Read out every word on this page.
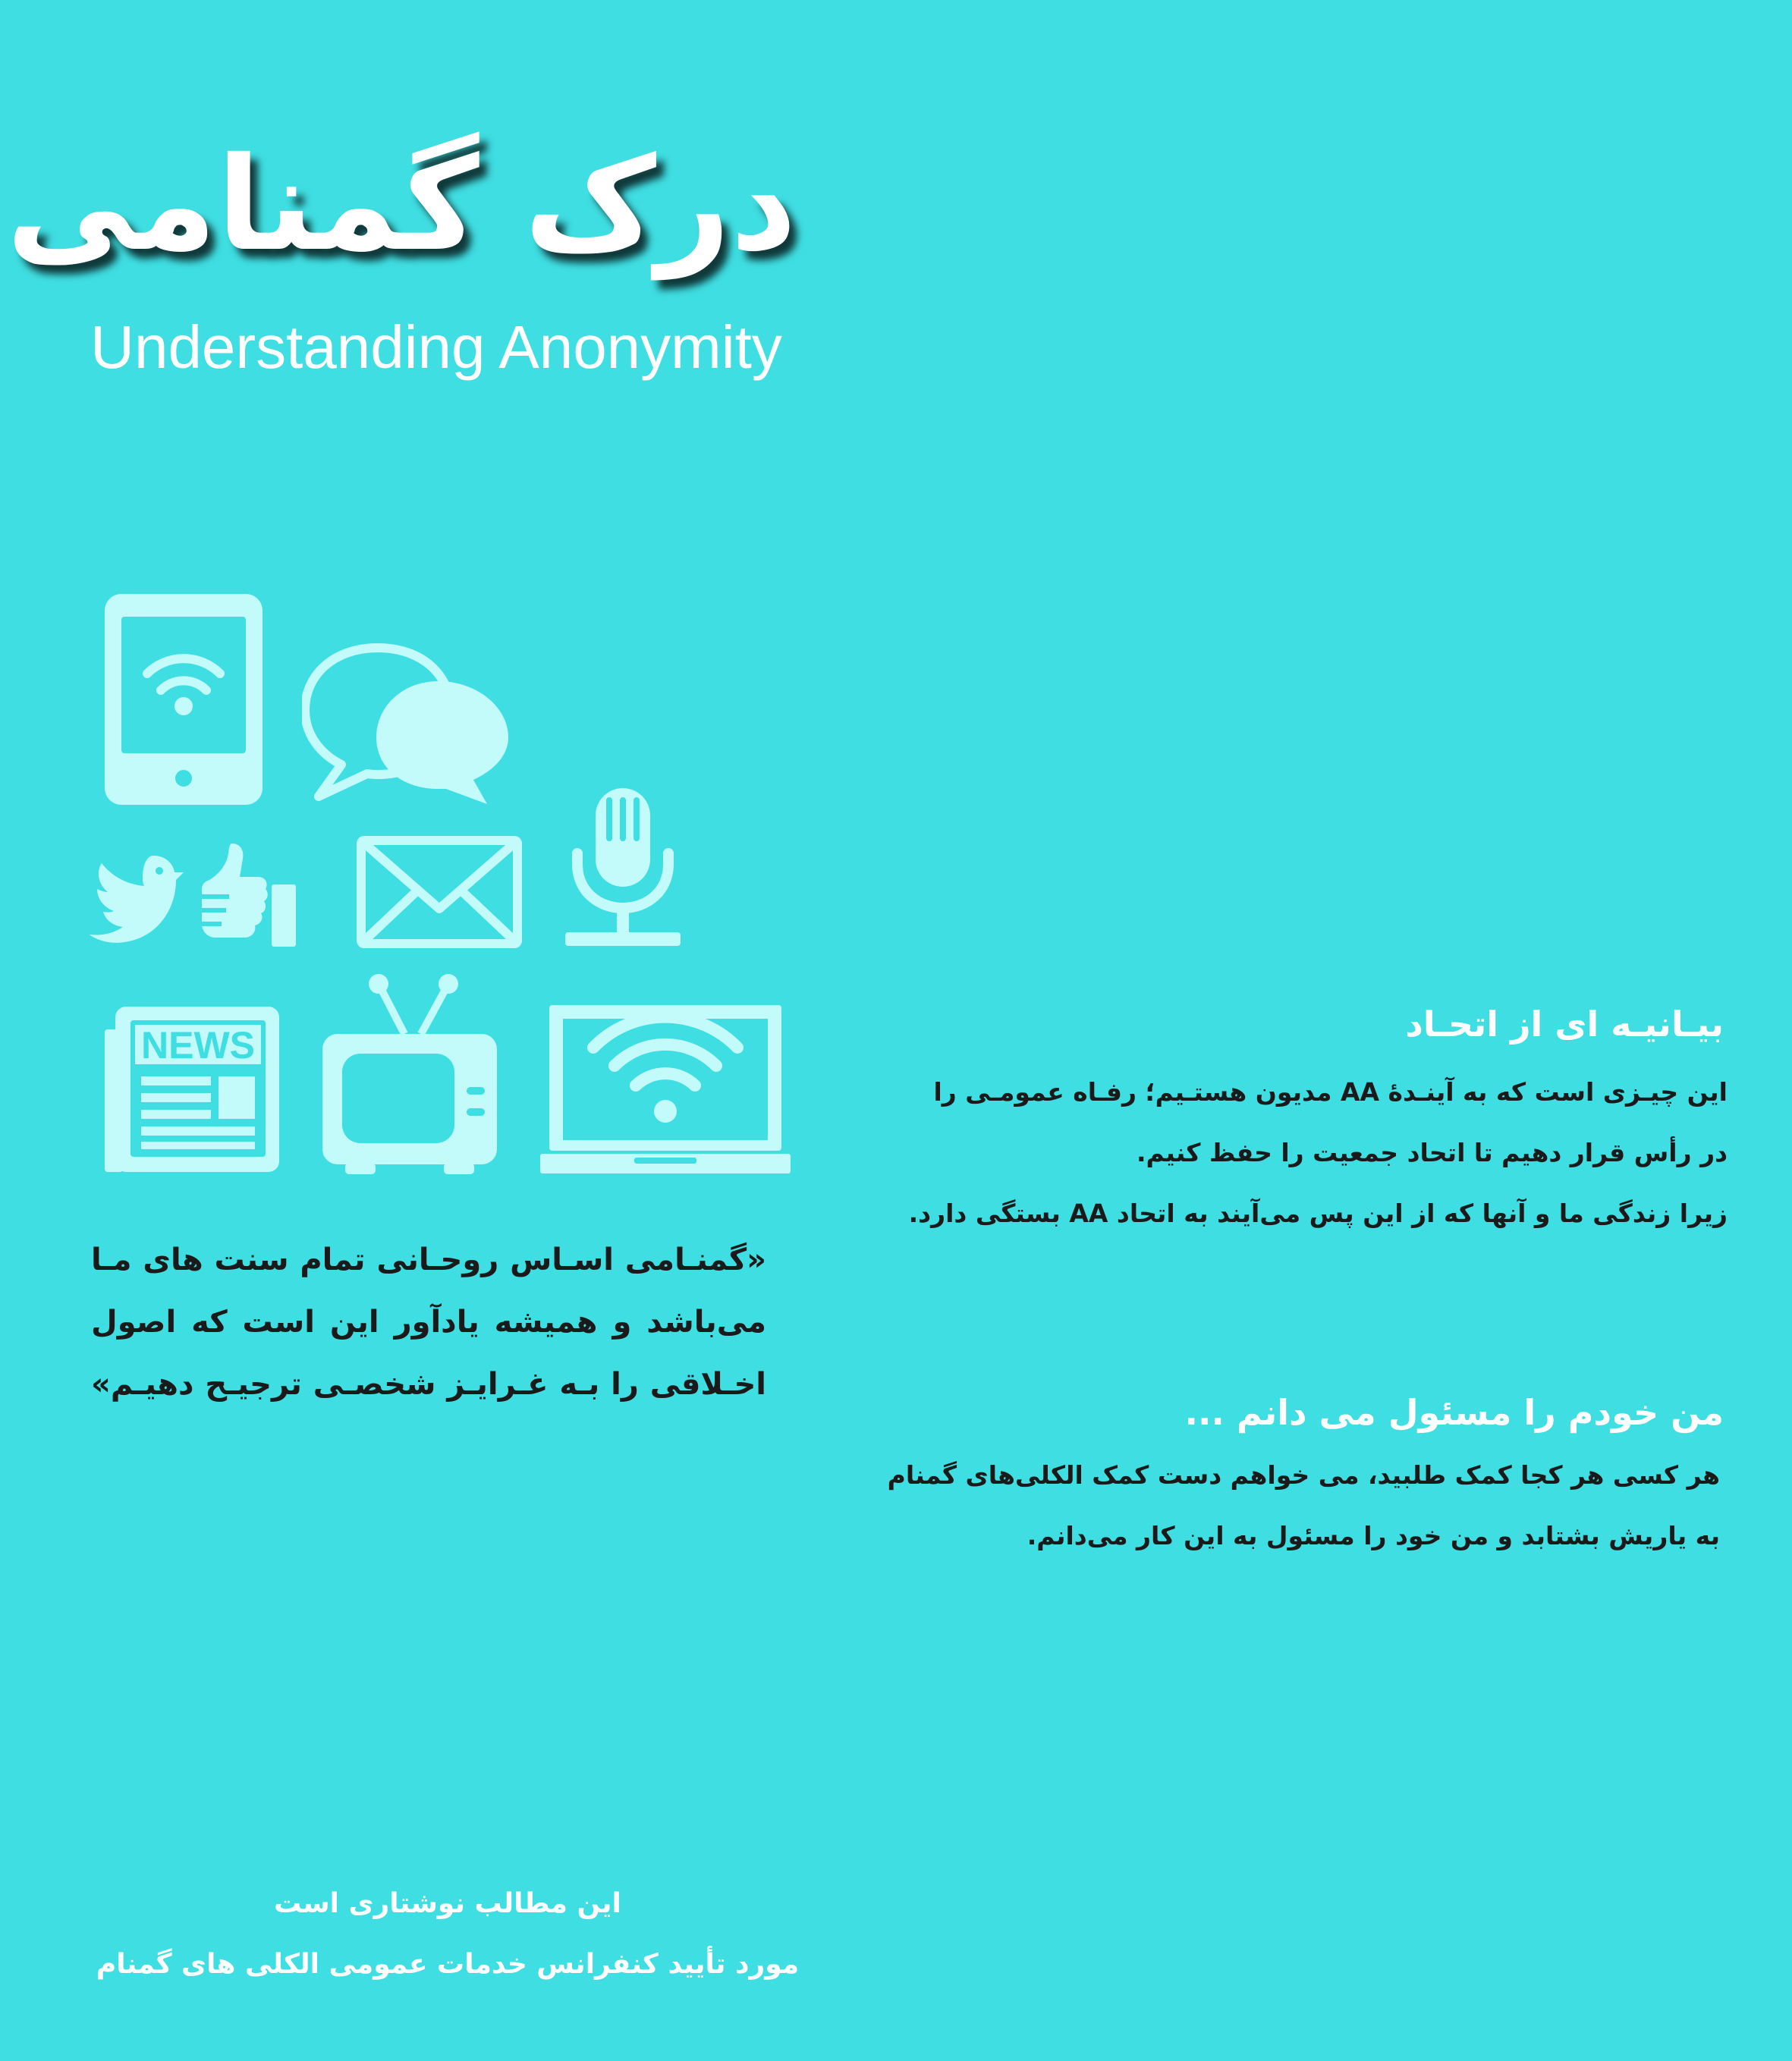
درک گمنامی
Understanding Anonymity
NEWS
«گمنـامی اسـاس روحـانی تمام سنت های مـا
می‌باشد و همیشه یادآور این است که اصول
اخـلاقی را بـه غـرایـز شخصـی ترجیـح دهیـم»
بیـانیـه ای از اتحـاد
این چیـزی است که به آینـدۀ AA مدیون هستـیم؛ رفـاه عمومـی را
در رأس قرار دهیم تا اتحاد جمعیت را حفظ کنیم.
زیرا زندگی ما و آنها که از این پس می‌آیند به اتحاد AA بستگی دارد.
من خودم را مسئول می دانم ...
هر کسی هر کجا کمک طلبید، می خواهم دست کمک الکلی‌های گمنام
به یاریش بشتابد و من خود را مسئول به این کار می‌دانم.
این مطالب نوشتاری است
مورد تأیید کنفرانس خدمات عمومی الکلی های گمنام
